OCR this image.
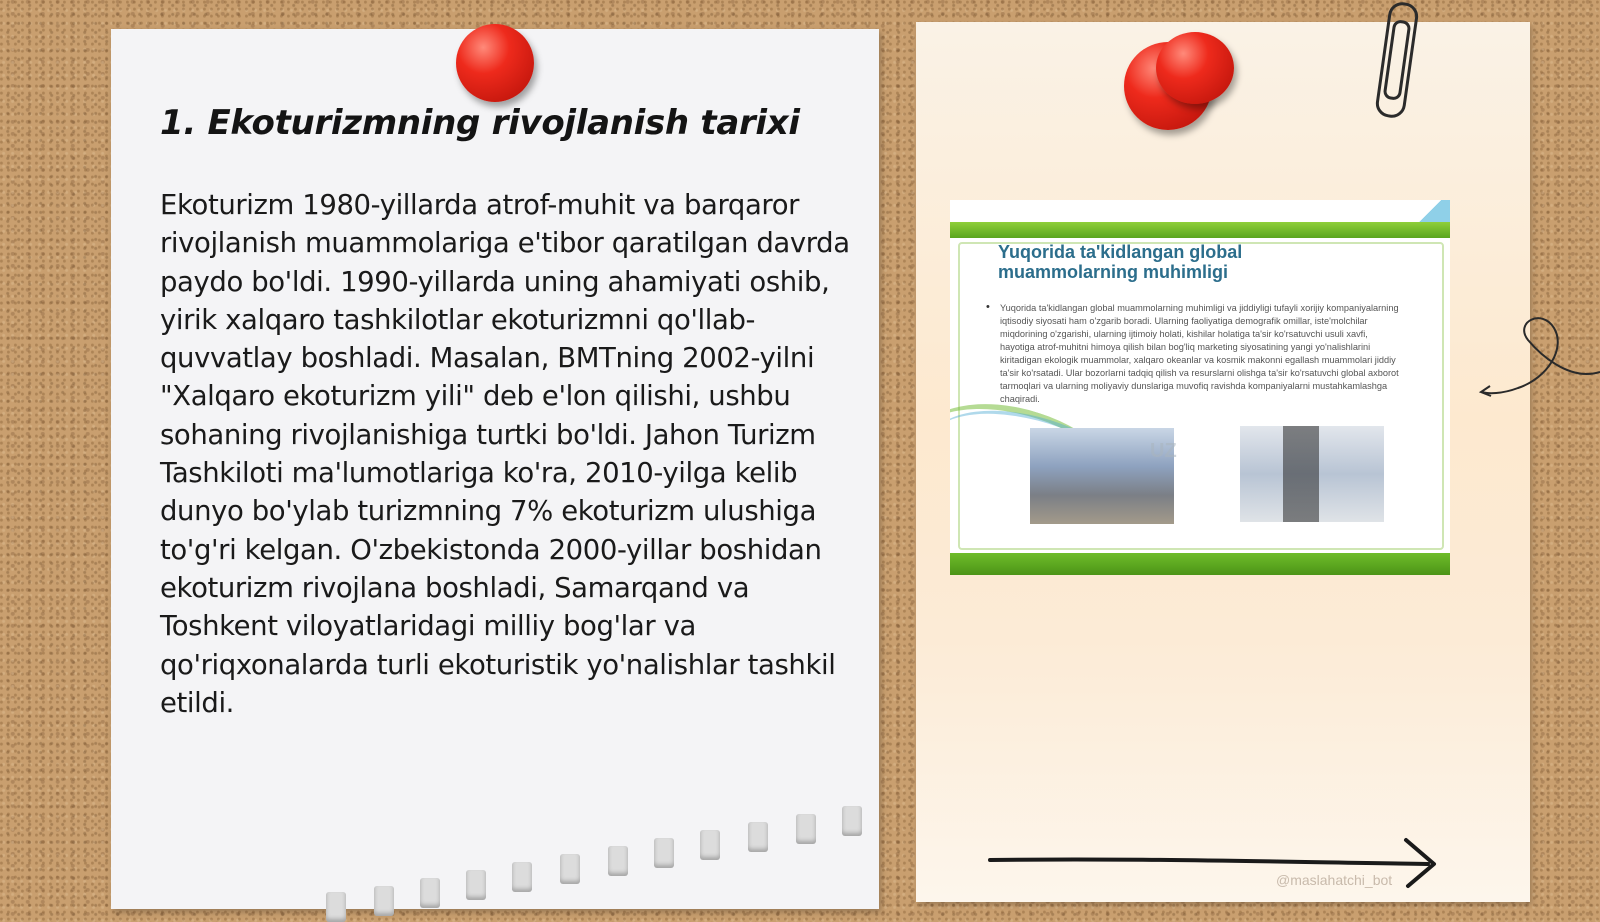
1. Ekoturizmning rivojlanish tarixi

Ekoturizm 1980-yillarda atrof-muhit va barqaror rivojlanish muammolariga e'tibor qaratilgan davrda paydo bo'ldi. 1990-yillarda uning ahamiyati oshib, yirik xalqaro tashkilotlar ekoturizmni qo'llab-quvvatlay boshladi. Masalan, BMTning 2002-yilni "Xalqaro ekoturizm yili" deb e'lon qilishi, ushbu sohaning rivojlanishiga turtki bo'ldi. Jahon Turizm Tashkiloti ma'lumotlariga ko'ra, 2010-yilga kelib dunyo bo'ylab turizmning 7% ekoturizm ulushiga to'g'ri kelgan. O'zbekistonda 2000-yillar boshidan ekoturizm rivojlana boshladi, Samarqand va Toshkent viloyatlaridagi milliy bog'lar va qo'riqxonalarda turli ekoturistik yo'nalishlar tashkil etildi.

Yuqorida ta'kidlangan global muammolarning muhimligi

• Yuqorida ta'kidlangan global muammolarning muhimligi va jiddiyligi tufayli xorijiy kompaniyalarning iqtisodiy siyosati ham o'zgarib boradi. Ularning faoliyatiga demografik omillar, iste'molchilar miqdorining o'zgarishi, ularning ijtimoiy holati, kishilar holatiga ta'sir ko'rsatuvchi usuli xavfi, hayotiga atrof-muhitni himoya qilish bilan bog'liq marketing siyosatining yangi yo'nalishlarini kiritadigan ekologik muammolar, xalqaro okeanlar va kosmik makonni egallash muammolari jiddiy ta'sir ko'rsatadi. Ular bozorlarni tadqiq qilish va resurslarni olishga ta'sir ko'rsatuvchi global axborot tarmoqlari va ularning moliyaviy dunslariga muvofiq ravishda kompaniyalarni mustahkamlashga chaqiradi.

UZ
@maslahatchi_bot
